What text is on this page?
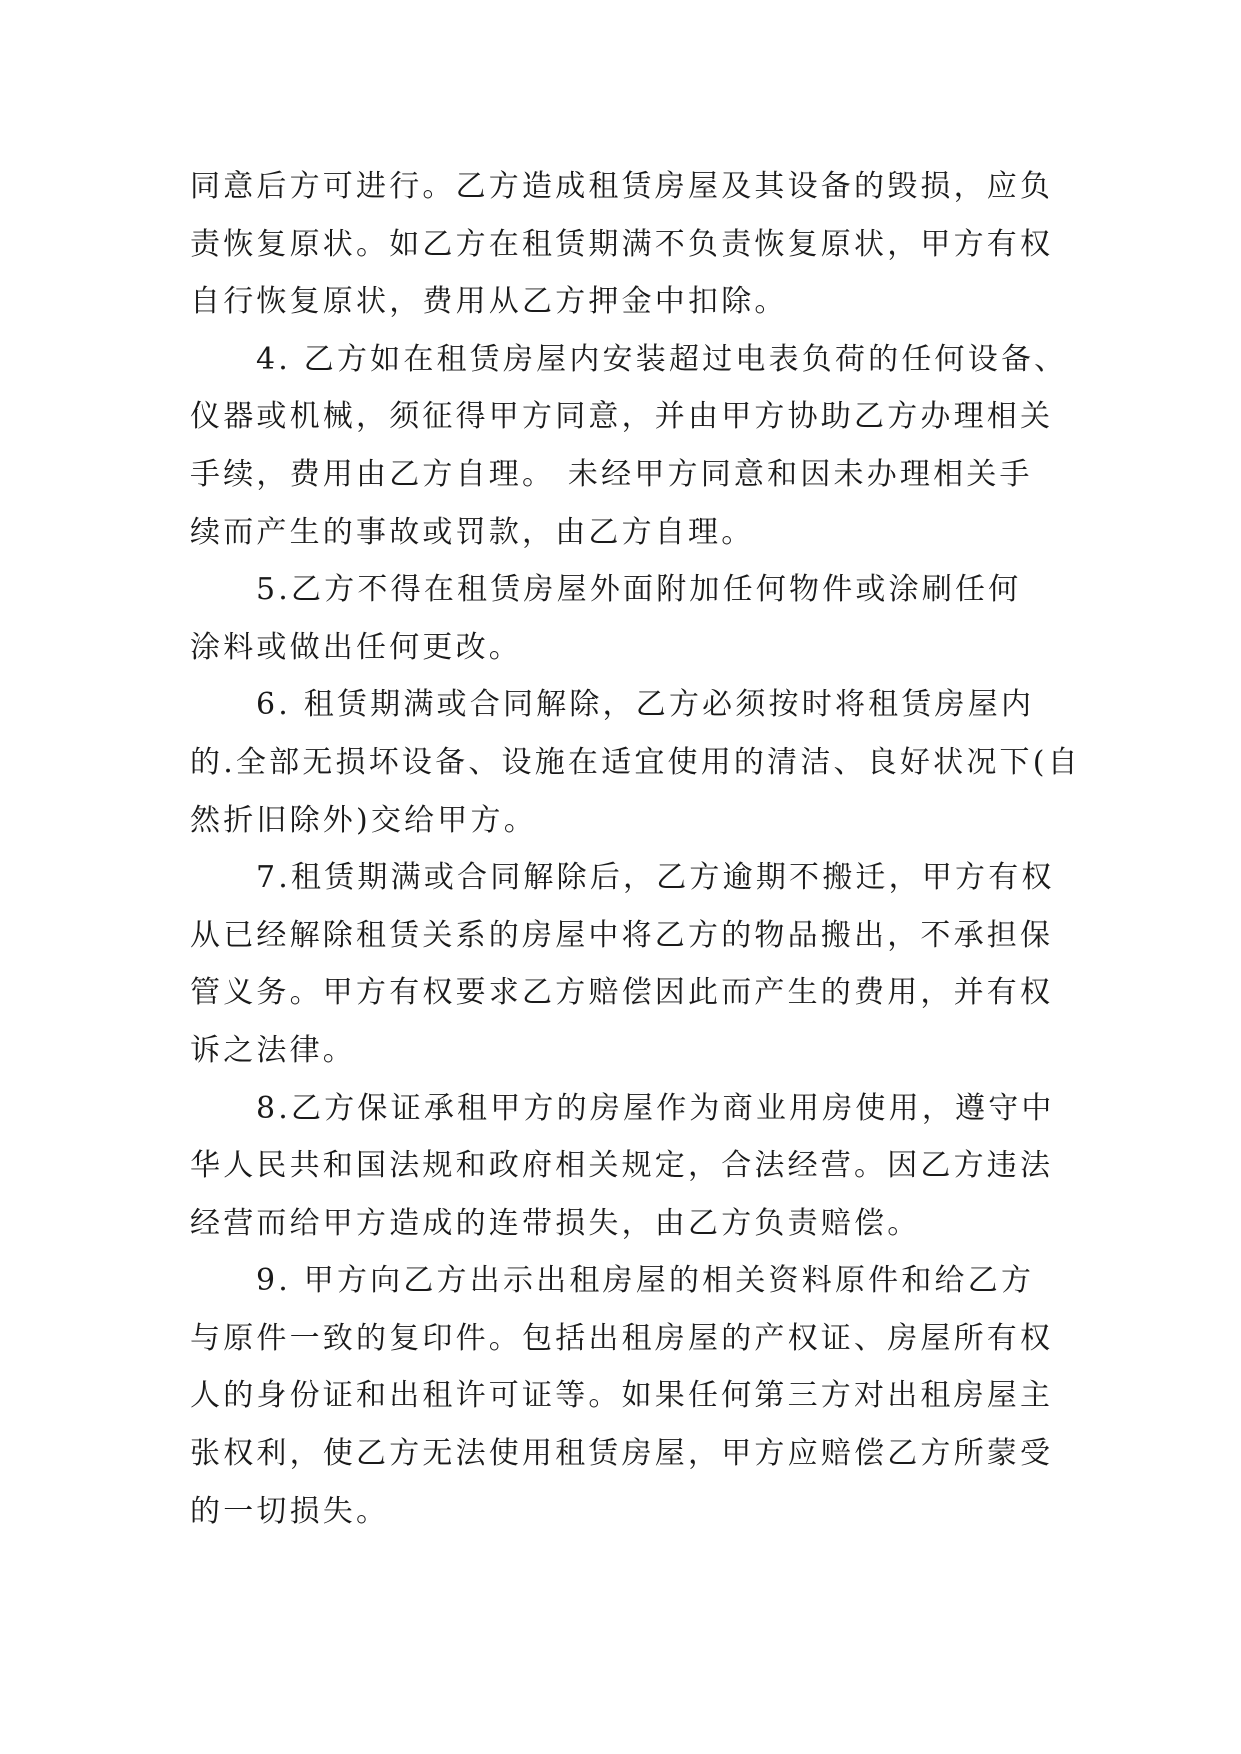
同意后方可进行。乙方造成租赁房屋及其设备的毁损，应负
责恢复原状。如乙方在租赁期满不负责恢复原状，甲方有权
自行恢复原状，费用从乙方押金中扣除。
4. 乙方如在租赁房屋内安装超过电表负荷的任何设备、
仪器或机械，须征得甲方同意，并由甲方协助乙方办理相关
手续，费用由乙方自理。 未经甲方同意和因未办理相关手
续而产生的事故或罚款，由乙方自理。
5.乙方不得在租赁房屋外面附加任何物件或涂刷任何
涂料或做出任何更改。
6. 租赁期满或合同解除，乙方必须按时将租赁房屋内
的.全部无损坏设备、设施在适宜使用的清洁、良好状况下(自
然折旧除外)交给甲方。
7.租赁期满或合同解除后，乙方逾期不搬迁，甲方有权
从已经解除租赁关系的房屋中将乙方的物品搬出，不承担保
管义务。甲方有权要求乙方赔偿因此而产生的费用，并有权
诉之法律。
8.乙方保证承租甲方的房屋作为商业用房使用，遵守中
华人民共和国法规和政府相关规定，合法经营。因乙方违法
经营而给甲方造成的连带损失，由乙方负责赔偿。
9. 甲方向乙方出示出租房屋的相关资料原件和给乙方
与原件一致的复印件。包括出租房屋的产权证、房屋所有权
人的身份证和出租许可证等。如果任何第三方对出租房屋主
张权利，使乙方无法使用租赁房屋，甲方应赔偿乙方所蒙受
的一切损失。
